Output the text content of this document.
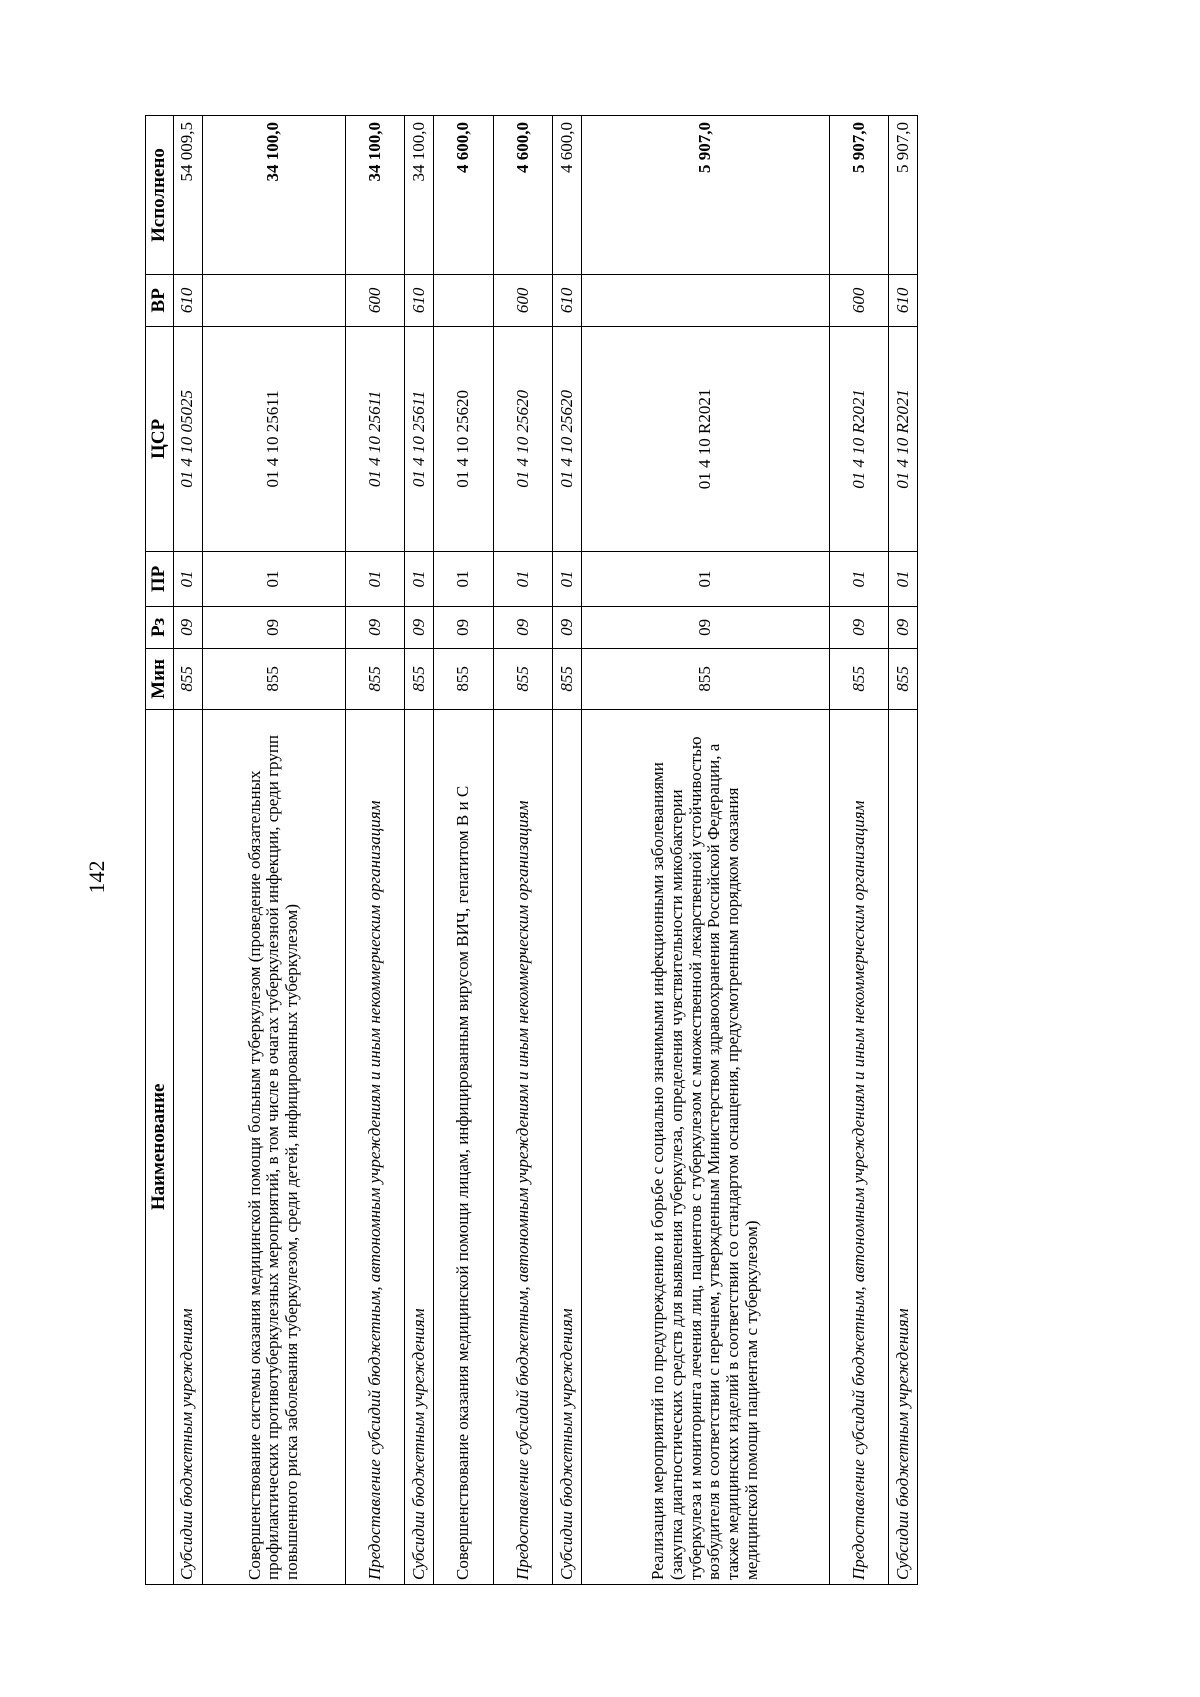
142
Наименование	Мин	Рз	ПР	ЦСР	ВР	Исполнено
Субсидии бюджетным учреждениям	855	09	01	01 4 10 05025	610	54 009,5
Совершенствование системы оказания медицинской помощи больным туберкулезом (проведение обязательных профилактических противотуберкулезных мероприятий, в том числе в очагах туберкулезной инфекции, среди групп повышенного риска заболевания туберкулезом, среди детей, инфицированных туберкулезом)	855	09	01	01 4 10 25611		34 100,0
Предоставление субсидий бюджетным, автономным учреждениям и иным некоммерческим организациям	855	09	01	01 4 10 25611	600	34 100,0
Субсидии бюджетным учреждениям	855	09	01	01 4 10 25611	610	34 100,0
Совершенствование оказания медицинской помощи лицам, инфицированным вирусом ВИЧ, гепатитом В и С	855	09	01	01 4 10 25620		4 600,0
Предоставление субсидий бюджетным, автономным учреждениям и иным некоммерческим организациям	855	09	01	01 4 10 25620	600	4 600,0
Субсидии бюджетным учреждениям	855	09	01	01 4 10 25620	610	4 600,0
Реализация мероприятий по предупреждению и борьбе с социально значимыми инфекционными заболеваниями (закупка диагностических средств для выявления туберкулеза, определения чувствительности микобактерии туберкулеза и мониторинга лечения лиц, пациентов с туберкулезом с множественной лекарственной устойчивостью возбудителя в соответствии с перечнем, утвержденным Министерством здравоохранения Российской Федерации, а также медицинских изделий в соответствии со стандартом оснащения, предусмотренным порядком оказания медицинской помощи пациентам с туберкулезом)	855	09	01	01 4 10 R2021		5 907,0
Предоставление субсидий бюджетным, автономным учреждениям и иным некоммерческим организациям	855	09	01	01 4 10 R2021	600	5 907,0
Субсидии бюджетным учреждениям	855	09	01	01 4 10 R2021	610	5 907,0
